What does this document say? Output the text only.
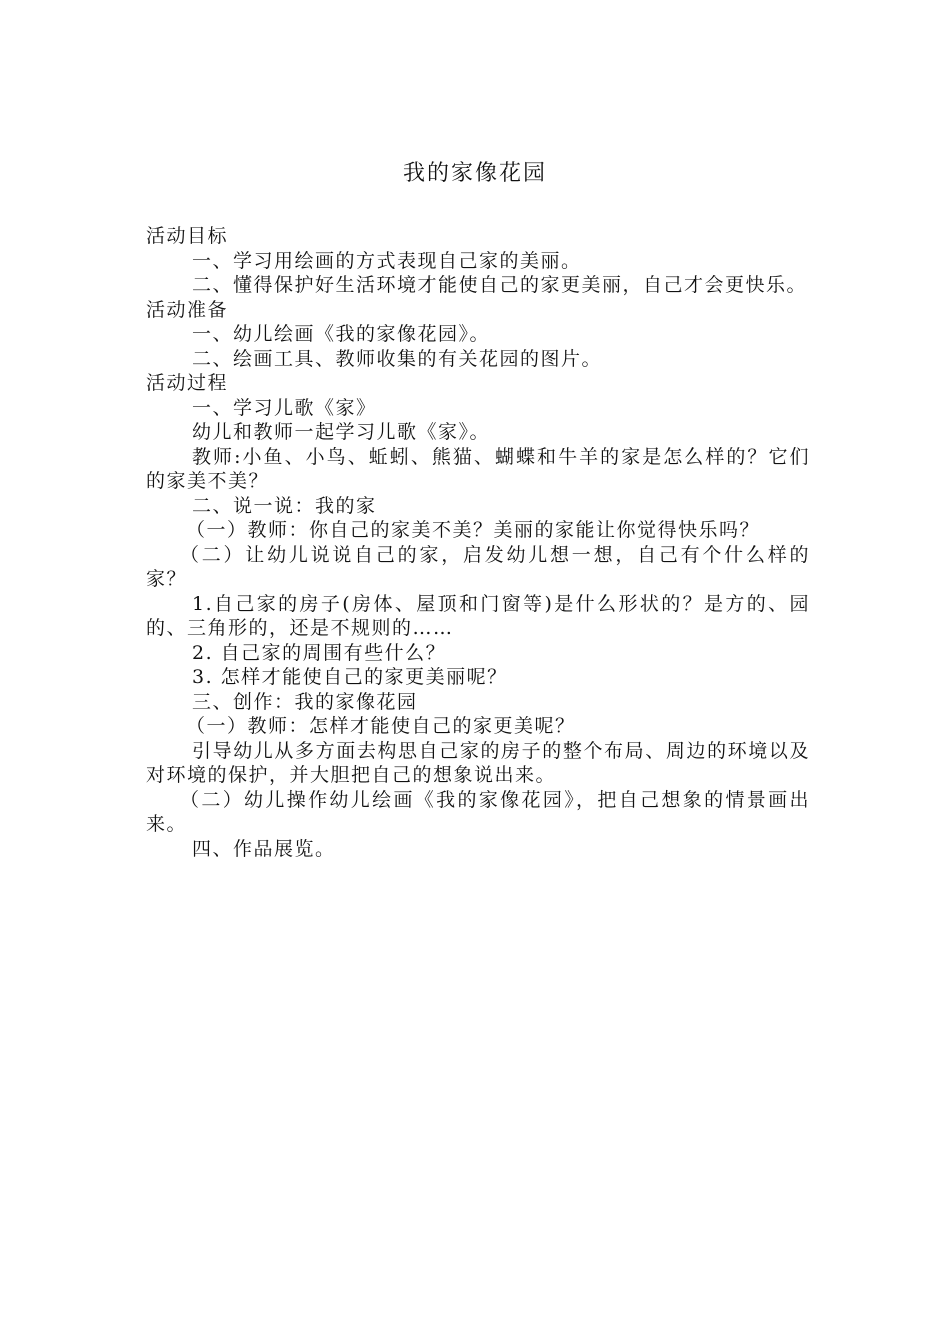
我的家像花园

活动目标

一、学习用绘画的方式表现自己家的美丽。

二、懂得保护好生活环境才能使自己的家更美丽，自己才会更快乐。

活动准备

一、幼儿绘画《我的家像花园》。

二、绘画工具、教师收集的有关花园的图片。

活动过程

一、学习儿歌《家》

幼儿和教师一起学习儿歌《家》。

教师:小鱼、小鸟、蚯蚓、熊猫、蝴蝶和牛羊的家是怎么样的？它们的家美不美？

二、说一说：我的家

（一）教师：你自己的家美不美？美丽的家能让你觉得快乐吗？

（二）让幼儿说说自己的家，启发幼儿想一想，自己有个什么样的家？

1.自己家的房子(房体、屋顶和门窗等)是什么形状的？是方的、园的、三角形的，还是不规则的……

2. 自己家的周围有些什么？

3. 怎样才能使自己的家更美丽呢？

三、创作：我的家像花园

（一）教师：怎样才能使自己的家更美呢？

引导幼儿从多方面去构思自己家的房子的整个布局、周边的环境以及对环境的保护，并大胆把自己的想象说出来。

（二）幼儿操作幼儿绘画《我的家像花园》，把自己想象的情景画出来。

四、作品展览。
